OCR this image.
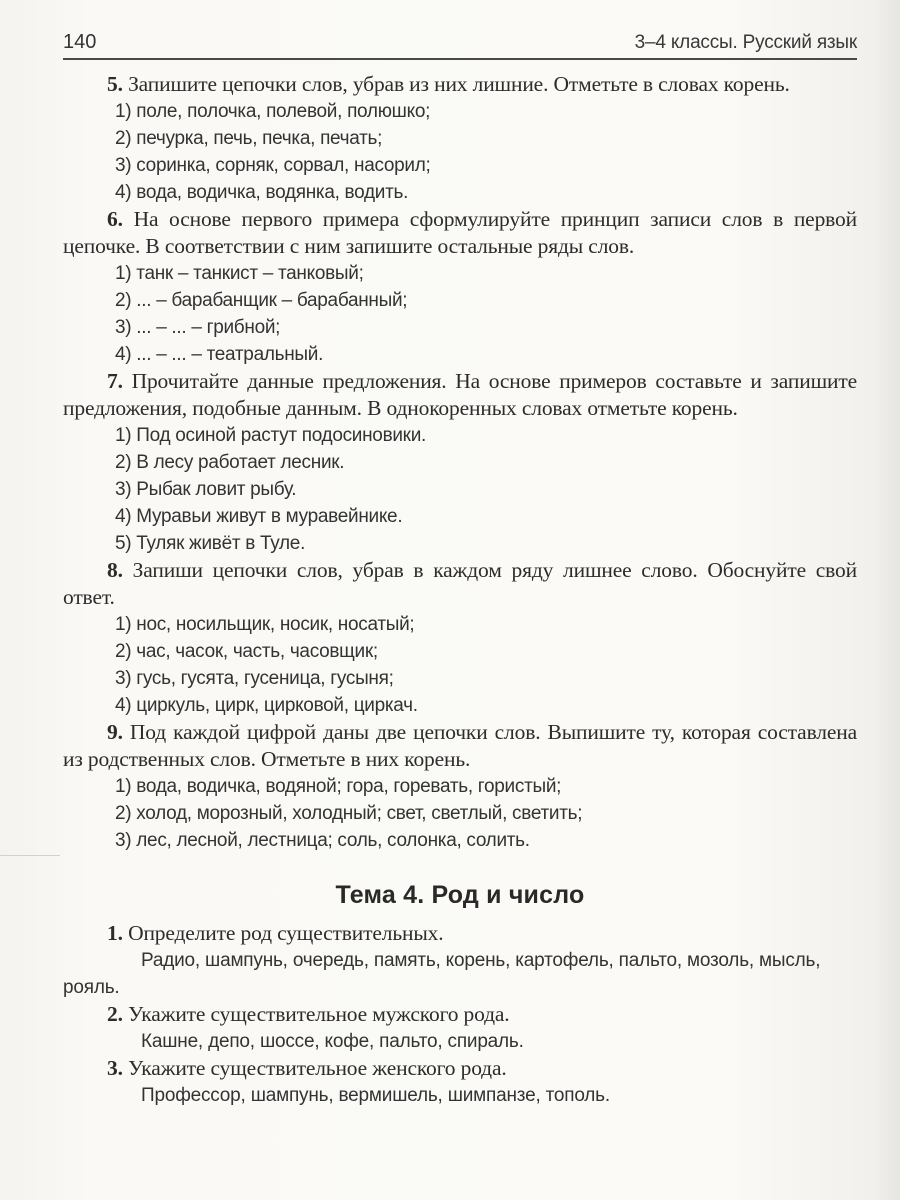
140	3–4 классы. Русский язык

5. Запишите цепочки слов, убрав из них лишние. Отметьте в словах корень.

1) поле, полочка, полевой, полюшко;
2) печурка, печь, печка, печать;
3) соринка, сорняк, сорвал, насорил;
4) вода, водичка, водянка, водить.

6. На основе первого примера сформулируйте принцип записи слов в первой цепочке. В соответствии с ним запишите остальные ряды слов.

1) танк – танкист – танковый;
2) ... – барабанщик – барабанный;
3) ... – ... – грибной;
4) ... – ... – театральный.

7. Прочитайте данные предложения. На основе примеров составьте и запишите предложения, подобные данным. В однокоренных словах отметьте корень.

1) Под осиной растут подосиновики.
2) В лесу работает лесник.
3) Рыбак ловит рыбу.
4) Муравьи живут в муравейнике.
5) Туляк живёт в Туле.

8. Запиши цепочки слов, убрав в каждом ряду лишнее слово. Обоснуйте свой ответ.

1) нос, носильщик, носик, носатый;
2) час, часок, часть, часовщик;
3) гусь, гусята, гусеница, гусыня;
4) циркуль, цирк, цирковой, циркач.

9. Под каждой цифрой даны две цепочки слов. Выпишите ту, которая составлена из родственных слов. Отметьте в них корень.

1) вода, водичка, водяной; гора, горевать, гористый;
2) холод, морозный, холодный; свет, светлый, светить;
3) лес, лесной, лестница; соль, солонка, солить.
Тема 4. Род и число

1. Определите род существительных.

Радио, шампунь, очередь, память, корень, картофель, пальто, мозоль, мысль, рояль.

2. Укажите существительное мужского рода.

Кашне, депо, шоссе, кофе, пальто, спираль.

3. Укажите существительное женского рода.

Профессор, шампунь, вермишель, шимпанзе, тополь.
